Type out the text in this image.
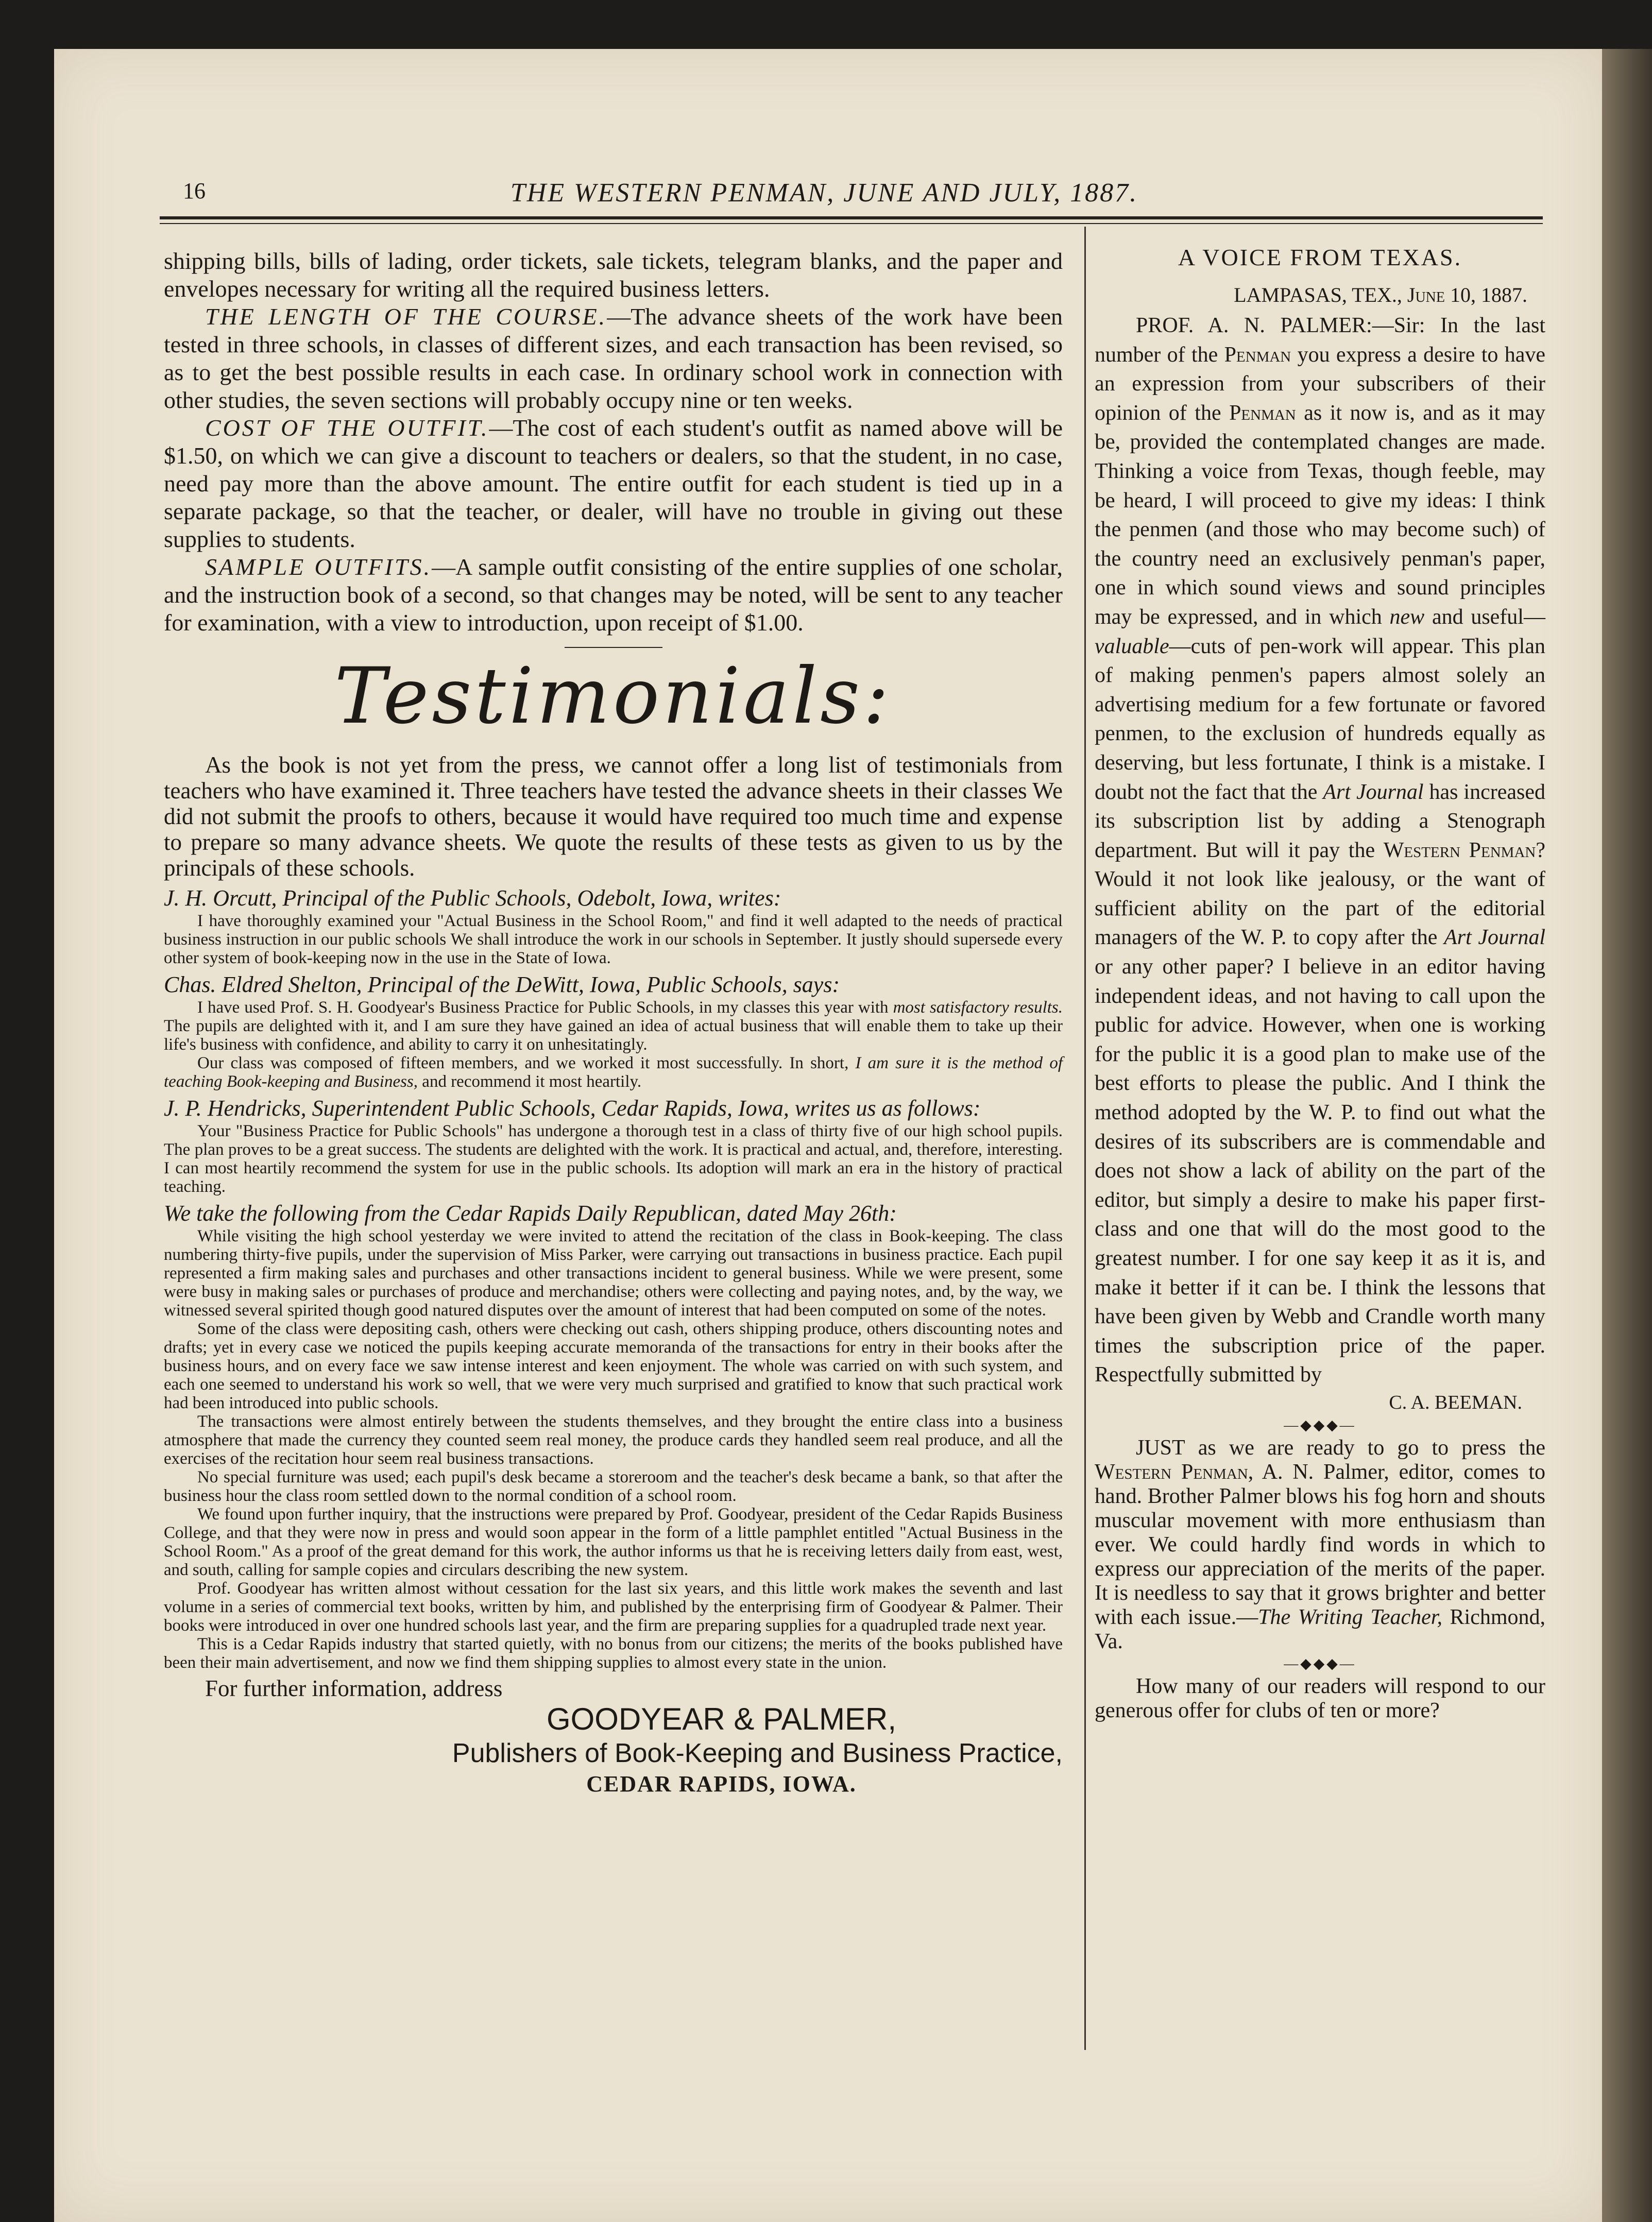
16	THE WESTERN PENMAN, JUNE AND JULY, 1887.

shipping bills, bills of lading, order tickets, sale tickets, telegram blanks, and the paper and envelopes necessary for writing all the required business letters.

THE LENGTH OF THE COURSE.—The advance sheets of the work have been tested in three schools, in classes of different sizes, and each transaction has been revised, so as to get the best possible results in each case. In ordinary school work in connection with other studies, the seven sections will probably occupy nine or ten weeks.

COST OF THE OUTFIT.—The cost of each student's outfit as named above will be $1.50, on which we can give a discount to teachers or dealers, so that the student, in no case, need pay more than the above amount. The entire outfit for each student is tied up in a separate package, so that the teacher, or dealer, will have no trouble in giving out these supplies to students.

SAMPLE OUTFITS.—A sample outfit consisting of the entire supplies of one scholar, and the instruction book of a second, so that changes may be noted, will be sent to any teacher for examination, with a view to introduction, upon receipt of $1.00.

Testimonials:

As the book is not yet from the press, we cannot offer a long list of testimonials from teachers who have examined it. Three teachers have tested the advance sheets in their classes We did not submit the proofs to others, because it would have required too much time and expense to prepare so many advance sheets. We quote the results of these tests as given to us by the principals of these schools.

J. H. Orcutt, Principal of the Public Schools, Odebolt, Iowa, writes:

I have thoroughly examined your "Actual Business in the School Room," and find it well adapted to the needs of practical business instruction in our public schools We shall introduce the work in our schools in September. It justly should supersede every other system of book-keeping now in the use in the State of Iowa.

Chas. Eldred Shelton, Principal of the DeWitt, Iowa, Public Schools, says:

I have used Prof. S. H. Goodyear's Business Practice for Public Schools, in my classes this year with most satisfactory results. The pupils are delighted with it, and I am sure they have gained an idea of actual business that will enable them to take up their life's business with confidence, and ability to carry it on unhesitatingly.

Our class was composed of fifteen members, and we worked it most successfully. In short, I am sure it is the method of teaching Book-keeping and Business, and recommend it most heartily.

J. P. Hendricks, Superintendent Public Schools, Cedar Rapids, Iowa, writes us as follows:

Your "Business Practice for Public Schools" has undergone a thorough test in a class of thirty five of our high school pupils. The plan proves to be a great success. The students are delighted with the work. It is practical and actual, and, therefore, interesting. I can most heartily recommend the system for use in the public schools. Its adoption will mark an era in the history of practical teaching.

We take the following from the Cedar Rapids Daily Republican, dated May 26th:

While visiting the high school yesterday we were invited to attend the recitation of the class in Book-keeping. The class numbering thirty-five pupils, under the supervision of Miss Parker, were carrying out transactions in business practice. Each pupil represented a firm making sales and purchases and other transactions incident to general business. While we were present, some were busy in making sales or purchases of produce and merchandise; others were collecting and paying notes, and, by the way, we witnessed several spirited though good natured disputes over the amount of interest that had been computed on some of the notes.

Some of the class were depositing cash, others were checking out cash, others shipping produce, others discounting notes and drafts; yet in every case we noticed the pupils keeping accurate memoranda of the transactions for entry in their books after the business hours, and on every face we saw intense interest and keen enjoyment. The whole was carried on with such system, and each one seemed to understand his work so well, that we were very much surprised and gratified to know that such practical work had been introduced into public schools.

The transactions were almost entirely between the students themselves, and they brought the entire class into a business atmosphere that made the currency they counted seem real money, the produce cards they handled seem real produce, and all the exercises of the recitation hour seem real business transactions.

No special furniture was used; each pupil's desk became a storeroom and the teacher's desk became a bank, so that after the business hour the class room settled down to the normal condition of a school room.

We found upon further inquiry, that the instructions were prepared by Prof. Goodyear, president of the Cedar Rapids Business College, and that they were now in press and would soon appear in the form of a little pamphlet entitled "Actual Business in the School Room." As a proof of the great demand for this work, the author informs us that he is receiving letters daily from east, west, and south, calling for sample copies and circulars describing the new system.

Prof. Goodyear has written almost without cessation for the last six years, and this little work makes the seventh and last volume in a series of commercial text books, written by him, and published by the enterprising firm of Goodyear & Palmer. Their books were introduced in over one hundred schools last year, and the firm are preparing supplies for a quadrupled trade next year.

This is a Cedar Rapids industry that started quietly, with no bonus from our citizens; the merits of the books published have been their main advertisement, and now we find them shipping supplies to almost every state in the union.

For further information, address

GOODYEAR & PALMER,

Publishers of Book-Keeping and Business Practice,

CEDAR RAPIDS, IOWA.

A VOICE FROM TEXAS.
LAMPASAS, TEX., June 10, 1887.

PROF. A. N. PALMER:—Sir: In the last number of the Penman you express a desire to have an expression from your subscribers of their opinion of the Penman as it now is, and as it may be, provided the contemplated changes are made. Thinking a voice from Texas, though feeble, may be heard, I will proceed to give my ideas: I think the penmen (and those who may become such) of the country need an exclusively penman's paper, one in which sound views and sound principles may be expressed, and in which new and useful—valuable—cuts of pen-work will appear. This plan of making penmen's papers almost solely an advertising medium for a few fortunate or favored penmen, to the exclusion of hundreds equally as deserving, but less fortunate, I think is a mistake. I doubt not the fact that the Art Journal has increased its subscription list by adding a Stenograph department. But will it pay the Western Penman? Would it not look like jealousy, or the want of sufficient ability on the part of the editorial managers of the W. P. to copy after the Art Journal or any other paper? I believe in an editor having independent ideas, and not having to call upon the public for advice. However, when one is working for the public it is a good plan to make use of the best efforts to please the public. And I think the method adopted by the W. P. to find out what the desires of its subscribers are is commendable and does not show a lack of ability on the part of the editor, but simply a desire to make his paper first-class and one that will do the most good to the greatest number. I for one say keep it as it is, and make it better if it can be. I think the lessons that have been given by Webb and Crandle worth many times the subscription price of the paper. Respectfully submitted by

C. A. BEEMAN.
—◆◆◆—

JUST as we are ready to go to press the Western Penman, A. N. Palmer, editor, comes to hand. Brother Palmer blows his fog horn and shouts muscular movement with more enthusiasm than ever. We could hardly find words in which to express our appreciation of the merits of the paper. It is needless to say that it grows brighter and better with each issue.—The Writing Teacher, Richmond, Va.

—◆◆◆—

How many of our readers will respond to our generous offer for clubs of ten or more?
